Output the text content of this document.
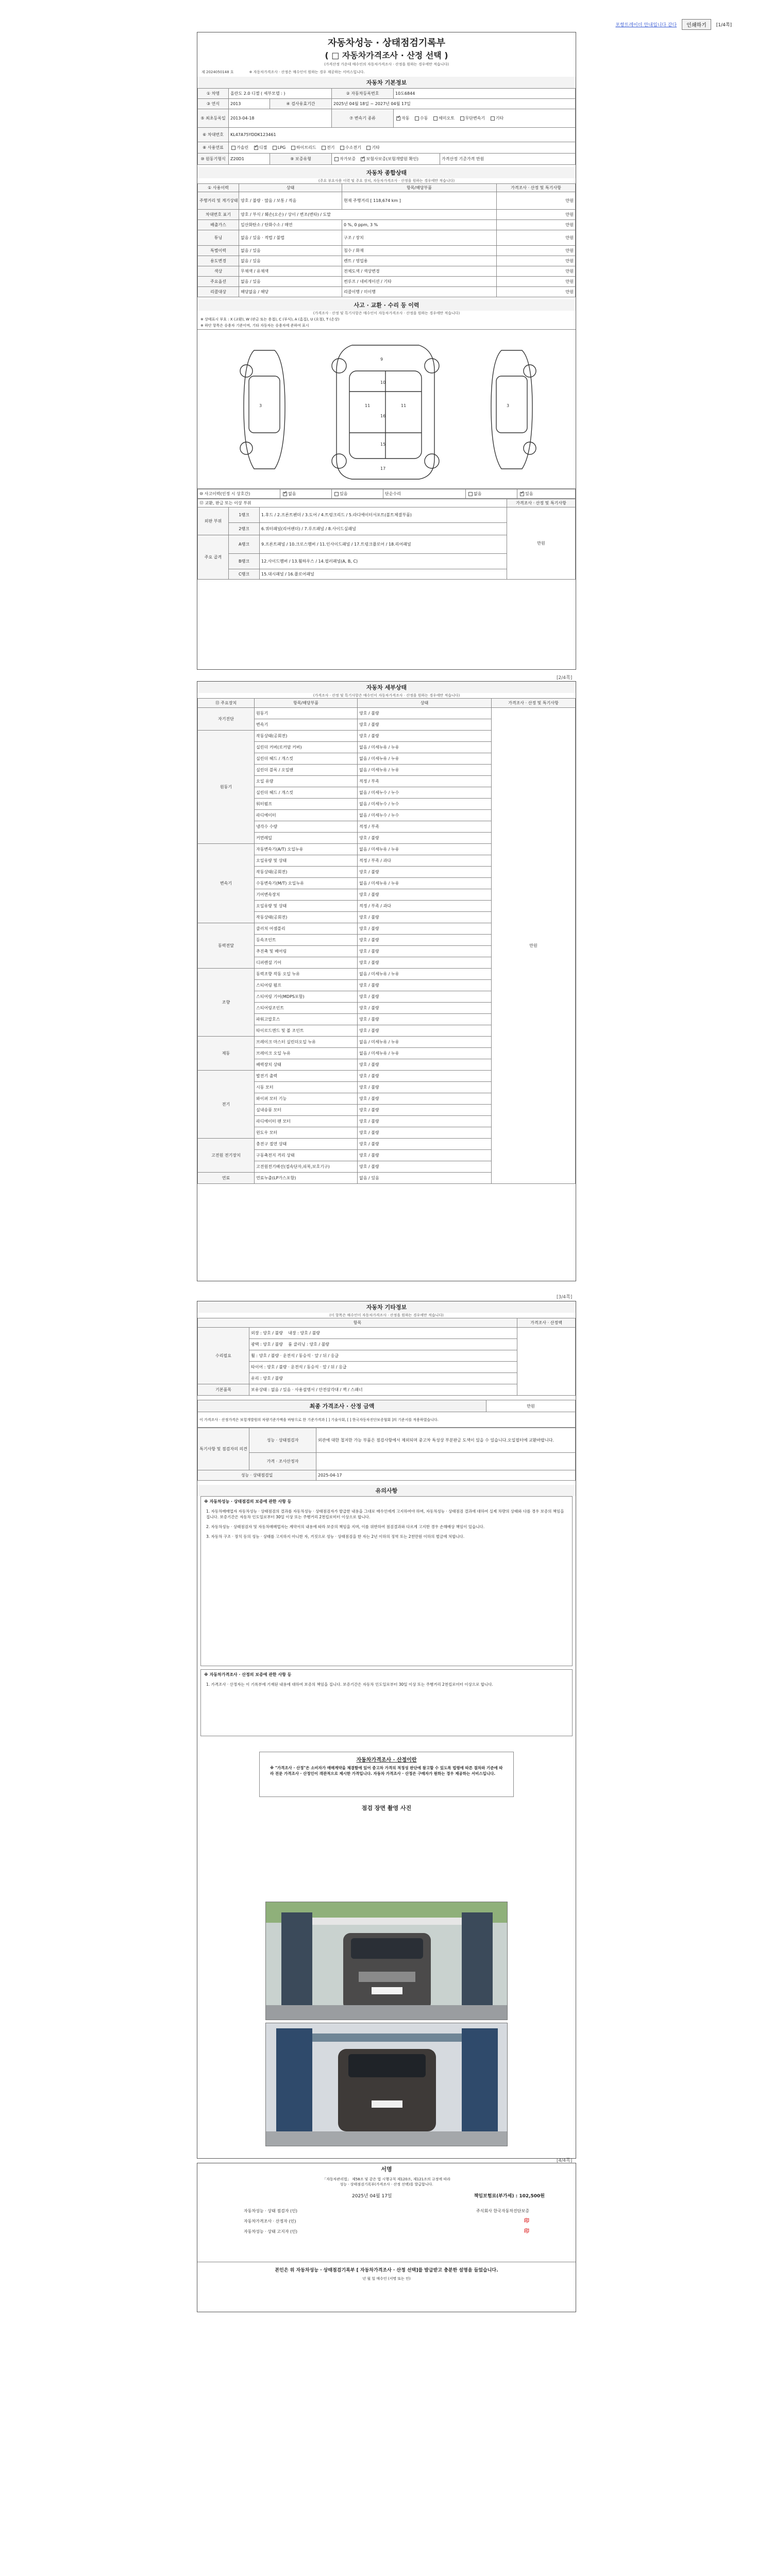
포항트레이더 안내입니다 같다	인쇄하기	[1/4쪽]
자동차성능 · 상태점검기록부
( □ 자동차가격조사 · 산정 선택 )
(가격산정 가운데 매수인의 자동차가격조사 · 산정을 원하는 경우에만 적습니다)
제 2024050148 호	※ 자동차가격조사 · 산정은 매수인이 원하는 경우 제공하는 서비스입니다.
자동차 기본정보
① 차명	올란도 2.0 디젤 ( 세부모델 : )		② 자동차등록번호	10도6844	
③ 연식	2013	④ 검사유효기간	2025년 04월 18일 ~ 2027년 04월 17일		
⑤ 최초등록일	2013-04-18		⑦ 변속기 종류	✓자동 수동 세미오토 무단변속기 기타
⑥ 차대번호	KL47A75YDDK123461				
⑧ 사용연료	가솔린 ✓ 디젤 LPG 하이브리드 전기 수소전기 기타
⑩ 원동기형식	Z20D1	⑨ 보증유형	자가보증 ✓ 보험사보증(보험개발원 확인)		가격산정 기준가격 만원
자동차 종합상태
(주요 부요사용 이력 및 주요 장치, 자동차가격조사 · 산정을 원하는 경우에만 적습니다)
① 사용이력	상태	항목/해당부품	가격조사 · 산정 및 특기사항
주행거리 및 계기상태	양호 / 불량 · 많음 / 보통 / 적음	현재 주행거리 [ 118,674 km ]	만원
차대번호 표기	양호 / 부식 / 훼손(오손) / 상이 / 변조(변타) / 도말		만원
배출가스	일산화탄소 / 탄화수소 / 매연	0 %, 0 ppm, 3 %	만원
튜닝	없음 / 있음 · 적법 / 불법	구조 / 장치	만원
특별이력	없음 / 있음	침수 / 화재	만원
용도변경	없음 / 있음	렌트 / 영업용	만원
색상	무채색 / 유채색	전체도색 / 색상변경	만원
주요옵션	없음 / 있음	썬루프 / 네비게이션 / 기타	만원
리콜대상	해당없음 / 해당	리콜이행 / 미이행	만원
사고 · 교환 · 수리 등 이력
(가격조사 · 산정 및 특기사항은 매수인이 자동차가격조사 · 산정을 원하는 경우에만 적습니다)
※ 상태표시 부호 : X (교환), W (판금 또는 용접), C (부식), A (흠집), U (요철), T (손상)
※ 하단 항목은 승용차 기준이며, 기타 자동차는 승용차에 준하여 표시
9
10
11	11
16
15
17
3	3
⑩ 사고이력(인정 시 상호간)	✓없음	있음	단순수리	없음	✓있음
⑫ 교환, 판금 또는 이상 부위			가격조사 · 산정 및 특기사항
외판 부위	1랭크	1.후드 / 2.프론트펜더 / 3.도어 / 4.트렁크리드 / 5.라디에이터서포트(볼트체결부품)	만원
	2랭크	6.쿼터패널(리어펜더) / 7.루프패널 / 8.사이드실패널	
주요 골격	A랭크	9.프론트패널 / 10.크로스멤버 / 11.인사이드패널 / 17.트렁크플로어 / 18.리어패널	
	B랭크	12.사이드멤버 / 13.휠하우스 / 14.필러패널(A, B, C)	
	C랭크	15.대시패널 / 16.플로어패널	
[2/4쪽]
자동차 세부상태
(가격조사 · 산정 및 특기사항은 매수인이 자동차가격조사 · 산정을 원하는 경우에만 적습니다)
⑬ 주요장치	항목/해당부품	상태	가격조사 · 산정 및 특기사항
자기진단	원동기	양호 / 불량	만원
	변속기	양호 / 불량	
원동기	작동상태(공회전)	양호 / 불량	
	실린더 커버(로커암 커버)	없음 / 미세누유 / 누유	
	실린더 헤드 / 개스킷	없음 / 미세누유 / 누유	
	실린더 블록 / 오일팬	없음 / 미세누유 / 누유	
	오일 유량	적정 / 부족	
	실린더 헤드 / 개스킷	없음 / 미세누수 / 누수	
	워터펌프	없음 / 미세누수 / 누수	
	라디에이터	없음 / 미세누수 / 누수	
	냉각수 수량	적정 / 부족	
	커먼레일	양호 / 불량	
변속기	자동변속기(A/T) 오일누유	없음 / 미세누유 / 누유	
	오일유량 및 상태	적정 / 부족 / 과다	
	작동상태(공회전)	양호 / 불량	
	수동변속기(M/T) 오일누유	없음 / 미세누유 / 누유	
	기어변속장치	양호 / 불량	
	오일유량 및 상태	적정 / 부족 / 과다	
	작동상태(공회전)	양호 / 불량	
동력전달	클러치 어셈블리	양호 / 불량	
	등속조인트	양호 / 불량	
	추진축 및 베어링	양호 / 불량	
	디퍼렌셜 기어	양호 / 불량	
조향	동력조향 작동 오일 누유	없음 / 미세누유 / 누유	
	스티어링 펌프	양호 / 불량	
	스티어링 기어(MDPS포함)	양호 / 불량	
	스티어링조인트	양호 / 불량	
	파워고압호스	양호 / 불량	
	타이로드엔드 및 볼 조인트	양호 / 불량	
제동	브레이크 마스터 실린더오일 누유	없음 / 미세누유 / 누유	
	브레이크 오일 누유	없음 / 미세누유 / 누유	
	배력장치 상태	양호 / 불량	
전기	발전기 출력	양호 / 불량	
	시동 모터	양호 / 불량	
	와이퍼 모터 기능	양호 / 불량	
	실내송풍 모터	양호 / 불량	
	라디에이터 팬 모터	양호 / 불량	
	윈도우 모터	양호 / 불량	
고전원 전기장치	충전구 절연 상태	양호 / 불량	
	구동축전지 격리 상태	양호 / 불량	
	고전원전기배선(접속단자,피복,보호기구)	양호 / 불량	
연료	연료누출(LP가스포함)	없음 / 있음	
[3/4쪽]
자동차 기타정보
(이 항목은 매수인이 자동차가격조사 · 산정을 원하는 경우에만 적습니다)
항목		가격조사 · 산정액
수리필요	외장 : 양호 / 불량 내장 : 양호 / 불량	
	광택 : 양호 / 불량 룸 클리닝 : 양호 / 불량	
	휠 : 양호 / 불량 · 운전석 / 동승석 · 앞 / 뒤 / 응급	
	타이어 : 양호 / 불량 · 운전석 / 동승석 · 앞 / 뒤 / 응급	
	유리 : 양호 / 불량	
기본품목	보유상태 : 없음 / 있음 · 사용설명서 / 안전삼각대 / 잭 / 스패너	
최종 가격조사 · 산정 금액	만원
이 가격조사 · 산정가격은 보험개발원의 차량기준가액을 바탕으로 한 기준가격과 [ ] 기술사회, [ ] 한국자동차진단보증협회 ]의 기준서를 적용하였습니다.
특기사항 및 점검자의 의견	성능 · 상태점검자	외관에 대한 철저한 가능 부품은 점검사항에서 제외되며 중고차 특성상 부분판금 도색이 있을 수 있습니다.오일필터에 교환바랍니다.
	가격 · 조사산정자	
성능 · 상태점검일		2025-04-17
유의사항
※ 자동차성능 · 상태점검의 보증에 관한 사항 등
1. 자동차매매업자 자동차성능 · 상태점검의 결과를 자동차성능 · 상태점검자가 발급한 내용을 그대로 매수인에게 고지하여야 하며, 자동차성능 · 상태점검 결과에 대하여 실제 차량의 상태와 다를 경우 보증의 책임을 집니다. 보증기간은 자동차 인도일로부터 30일 이상 또는 주행거리 2천킬로미터 이상으로 합니다.
2. 자동차성능 · 상태점검자 및 자동차매매업자는 계약서의 내용에 따라 보증의 책임을 지며, 이를 위반하여 점검결과와 다르게 고지한 경우 손해배상 책임이 있습니다.
3. 자동차 구조 · 장치 등의 성능 · 상태를 고지하지 아니한 자, 거짓으로 성능 · 상태점검을 한 자는 2년 이하의 징역 또는 2천만원 이하의 벌금에 처합니다.
※ 자동차가격조사 · 산정의 보증에 관한 사항 등
1. 가격조사 · 산정자는 이 기록부에 기재된 내용에 대하여 보증의 책임을 집니다. 보증기간은 자동차 인도일로부터 30일 이상 또는 주행거리 2천킬로미터 이상으로 합니다.
자동차가격조사 · 산정이란
※ "가격조사 · 산정"은 소비자가 매매계약을 체결함에 있어 중고차 가격의 적정성 판단에 참고할 수 있도록 법령에 따른 절차와 기준에 따라 전문 가격조사 · 산정인이 객관적으로 제시한 가격입니다. 자동차 가격조사 · 산정은 구매자가 원하는 경우 제공하는 서비스입니다.
점검 장면 촬영 사진
서명
「자동차관리법」 제58조 및 같은 법 시행규칙 제120조, 제121조의 규정에 따라
성능 · 상태점검기록부(가격조사 · 산정 선택)를 발급합니다.
2025년 04월 17일	책임보험료(부가세) : 102,500원
자동차성능 · 상태 점검자 (인)
자동차가격조사 · 산정자 (인)
자동차성능 · 상태 고지자 (인)
주식회사 한국자동차진단보증
印
印
본인은 위 자동차성능 · 상태점검기록부 [ 자동차가격조사 · 산정 선택]를 발급받고 충분한 설명을 들었습니다.
년 월 일 매수인 (서명 또는 인)
[4/4쪽]
